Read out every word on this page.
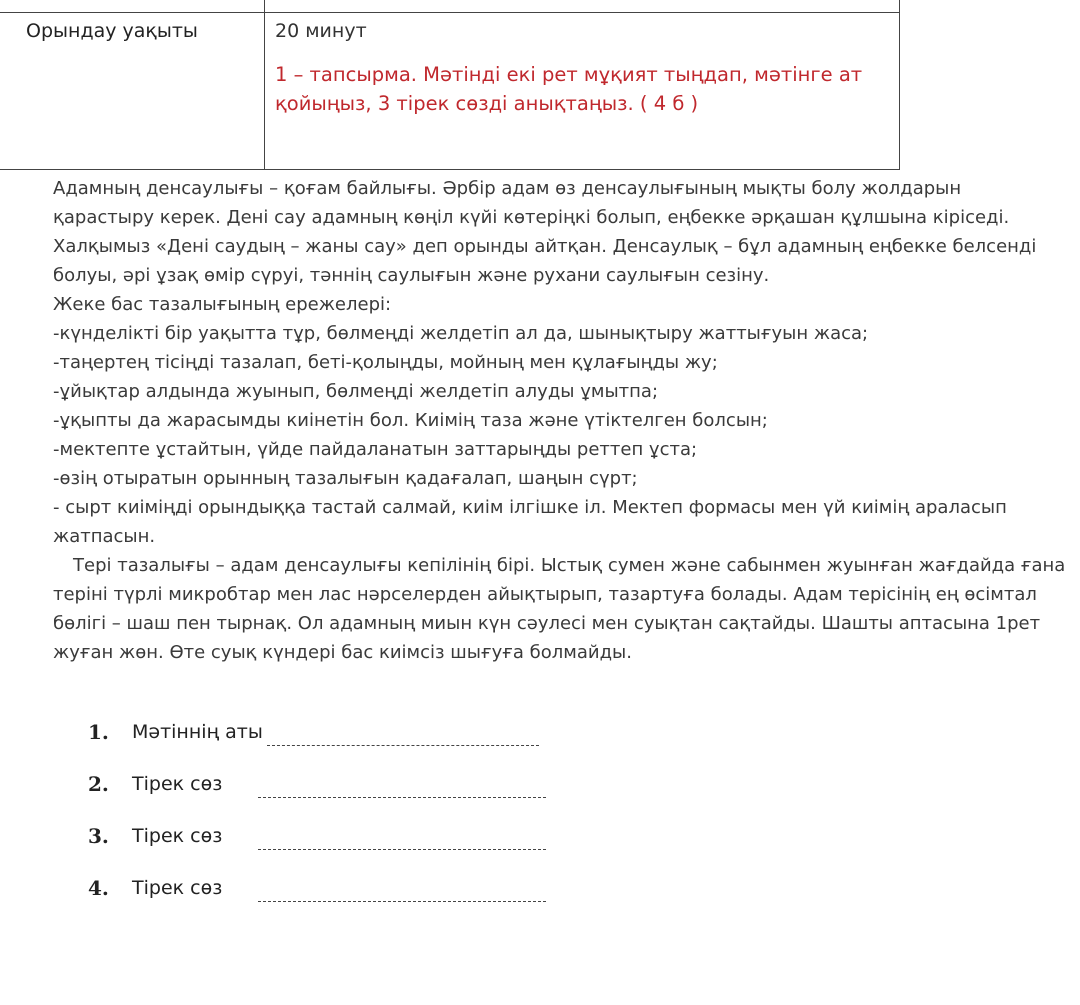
Орындау уақыты	20 минут
1 – тапсырма. Мәтінді екі рет мұқият тыңдап, мәтінге ат қойыңыз, 3 тірек сөзді анықтаңыз. ( 4 б )

Адамның денсаулығы – қоғам байлығы. Әрбір адам өз денсаулығының мықты болу жолдарын

қарастыру керек. Дені сау адамның көңіл күйі көтеріңкі болып, еңбекке әрқашан құлшына кіріседі.

Халқымыз «Дені саудың – жаны сау» деп орынды айтқан. Денсаулық – бұл адамның еңбекке белсенді

болуы, әрі ұзақ өмір сүруі, тәннің саулығын және рухани саулығын сезіну.

Жеке бас тазалығының ережелері:

-күнделікті бір уақытта тұр, бөлмеңді желдетіп ал да, шынықтыру жаттығуын жаса;

-таңертең тісіңді тазалап, беті-қолыңды, мойның мен құлағыңды жу;

-ұйықтар алдында жуынып, бөлмеңді желдетіп алуды ұмытпа;

-ұқыпты да жарасымды киінетін бол. Киімің таза және үтіктелген болсын;

-мектепте ұстайтын, үйде пайдаланатын заттарыңды реттеп ұста;

-өзің отыратын орынның тазалығын қадағалап, шаңын сүрт;

- сырт киіміңді орындыққа тастай салмай, киім ілгішке іл. Мектеп формасы мен үй киімің араласып

жатпасын.

Тері тазалығы – адам денсаулығы кепілінің бірі. Ыстық сумен және сабынмен жуынған жағдайда ғана

теріні түрлі микробтар мен лас нәрселерден айықтырып, тазартуға болады. Адам терісінің ең өсімтал

бөлігі – шаш пен тырнақ. Ол адамның миын күн сәулесі мен суықтан сақтайды. Шашты аптасына 1рет

жуған жөн. Өте суық күндері бас киімсіз шығуға болмайды.

1.	Мәтіннің аты
2.	Тірек сөз
3.	Тірек сөз
4.	Тірек сөз
